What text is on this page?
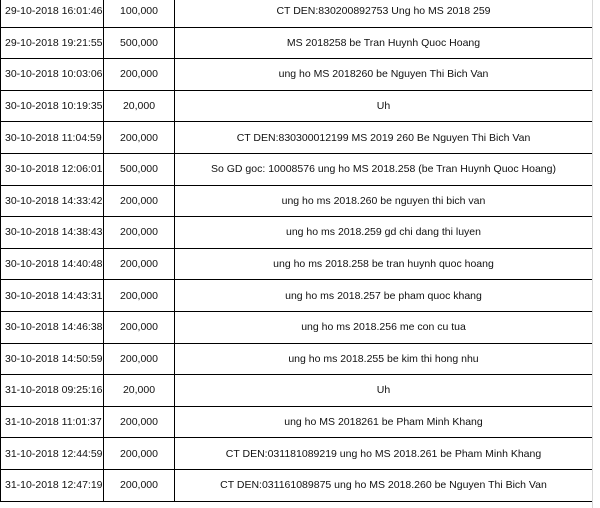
29-10-2018 16:01:46	100,000	CT DEN:830200892753 Ung ho MS 2018 259
29-10-2018 19:21:55	500,000	MS 2018258 be Tran Huynh Quoc Hoang
30-10-2018 10:03:06	200,000	ung ho MS 2018260 be Nguyen Thi Bich Van
30-10-2018 10:19:35	20,000	Uh
30-10-2018 11:04:59	200,000	CT DEN:830300012199 MS 2019 260 Be Nguyen Thi Bich Van
30-10-2018 12:06:01	500,000	So GD goc: 10008576 ung ho MS 2018.258 (be Tran Huynh Quoc Hoang)
30-10-2018 14:33:42	200,000	ung ho ms 2018.260 be nguyen thi bich van
30-10-2018 14:38:43	200,000	ung ho ms 2018.259 gd chi dang thi luyen
30-10-2018 14:40:48	200,000	ung ho ms 2018.258 be tran huynh quoc hoang
30-10-2018 14:43:31	200,000	ung ho ms 2018.257 be pham quoc khang
30-10-2018 14:46:38	200,000	ung ho ms 2018.256 me con cu tua
30-10-2018 14:50:59	200,000	ung ho ms 2018.255 be kim thi hong nhu
31-10-2018 09:25:16	20,000	Uh
31-10-2018 11:01:37	200,000	ung ho MS 2018261 be Pham Minh Khang
31-10-2018 12:44:59	200,000	CT DEN:031181089219 ung ho MS 2018.261 be Pham Minh Khang
31-10-2018 12:47:19	200,000	CT DEN:031161089875 ung ho MS 2018.260 be Nguyen Thi Bich Van
